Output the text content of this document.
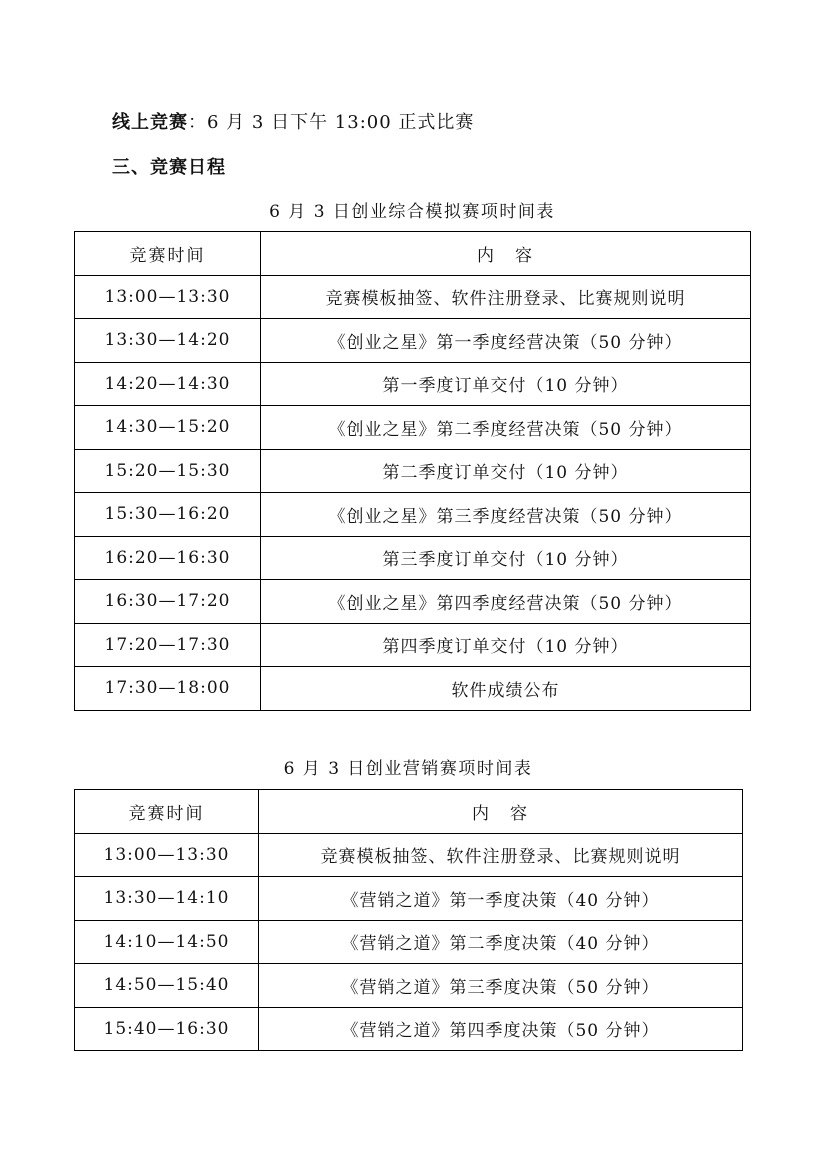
线上竞赛：6 月 3 日下午 13:00 正式比赛
三、竞赛日程
6 月 3 日创业综合模拟赛项时间表
竞赛时间	内　容
13:00—13:30	竞赛模板抽签、软件注册登录、比赛规则说明
13:30—14:20	《创业之星》第一季度经营决策（50 分钟）
14:20—14:30	第一季度订单交付（10 分钟）
14:30—15:20	《创业之星》第二季度经营决策（50 分钟）
15:20—15:30	第二季度订单交付（10 分钟）
15:30—16:20	《创业之星》第三季度经营决策（50 分钟）
16:20—16:30	第三季度订单交付（10 分钟）
16:30—17:20	《创业之星》第四季度经营决策（50 分钟）
17:20—17:30	第四季度订单交付（10 分钟）
17:30—18:00	软件成绩公布
6 月 3 日创业营销赛项时间表
竞赛时间	内　容
13:00—13:30	竞赛模板抽签、软件注册登录、比赛规则说明
13:30—14:10	《营销之道》第一季度决策（40 分钟）
14:10—14:50	《营销之道》第二季度决策（40 分钟）
14:50—15:40	《营销之道》第三季度决策（50 分钟）
15:40—16:30	《营销之道》第四季度决策（50 分钟）
